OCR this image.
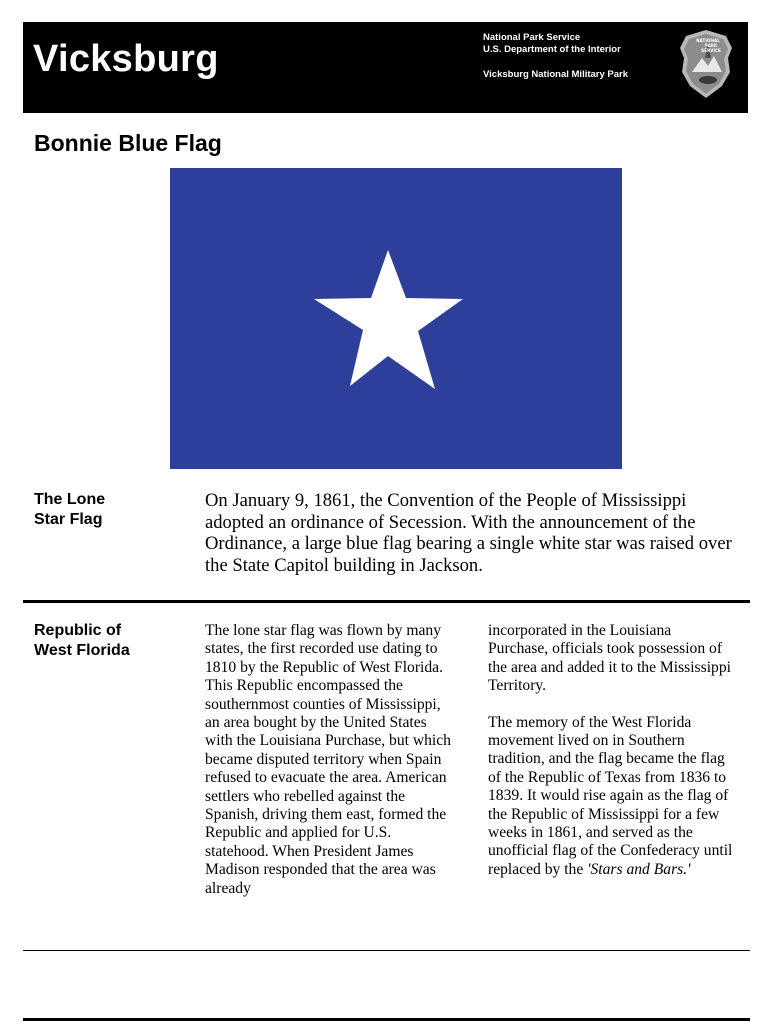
Vicksburg
National Park Service
U.S. Department of the Interior
Vicksburg National Military Park
NATIONAL
PARK
SERVICE
Bonnie Blue Flag
The Lone
Star Flag
On January 9, 1861, the Convention of the People of Mississippi adopted an ordinance of Secession. With the announcement of the Ordinance, a large blue flag bearing a single white star was raised over the State Capitol building in Jackson.
Republic of
West Florida

The lone star flag was flown by many states, the first recorded use dating to 1810 by the Republic of West Florida. This Republic encompassed the southernmost counties of Mississippi, an area bought by the United States with the Louisiana Purchase, but which became disputed territory when Spain refused to evacuate the area. American settlers who rebelled against the Spanish, driving them east, formed the Republic and applied for U.S. statehood. When President James Madison responded that the area was already

incorporated in the Louisiana Purchase, officials took possession of the area and added it to the Mississippi Territory.

The memory of the West Florida movement lived on in Southern tradition, and the flag became the flag of the Republic of Texas from 1836 to 1839. It would rise again as the flag of the Republic of Mississippi for a few weeks in 1861, and served as the unofficial flag of the Confederacy until replaced by the 'Stars and Bars.'
